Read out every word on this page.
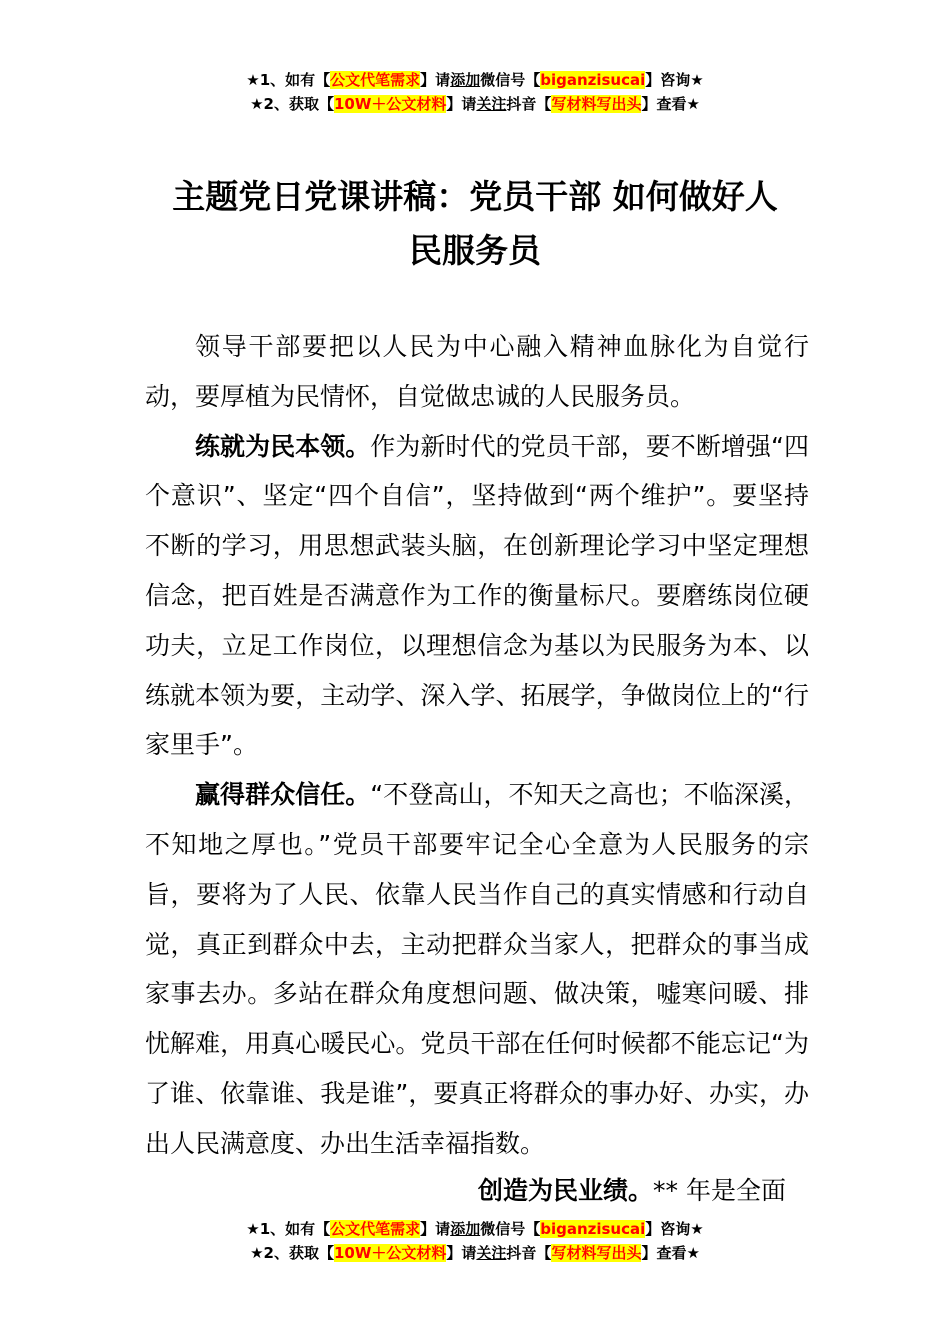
★1、如有【公文代笔需求】请添加微信号【biganzisucai】咨询★
★2、获取【10W＋公文材料】请关注抖音【写材料写出头】查看★
主题党日党课讲稿：党员干部 如何做好人
民服务员

领导干部要把以人民为中心融入精神血脉化为自觉行动，要厚植为民情怀，自觉做忠诚的人民服务员。

练就为民本领。作为新时代的党员干部，要不断增强“四个意识”、坚定“四个自信”，坚持做到“两个维护”。要坚持不断的学习，用思想武装头脑，在创新理论学习中坚定理想信念，把百姓是否满意作为工作的衡量标尺。要磨练岗位硬功夫，立足工作岗位，以理想信念为基以为民服务为本、以练就本领为要，主动学、深入学、拓展学，争做岗位上的“行家里手”。

赢得群众信任。“不登高山，不知天之高也；不临深溪，不知地之厚也。”党员干部要牢记全心全意为人民服务的宗旨，要将为了人民、依靠人民当作自己的真实情感和行动自觉，真正到群众中去，主动把群众当家人，把群众的事当成家事去办。多站在群众角度想问题、做决策，嘘寒问暖、排忧解难，用真心暖民心。党员干部在任何时候都不能忘记“为了谁、依靠谁、我是谁”，要真正将群众的事办好、办实，办出人民满意度、办出生活幸福指数。

创造为民业绩。** 年是全面
★1、如有【公文代笔需求】请添加微信号【biganzisucai】咨询★
★2、获取【10W＋公文材料】请关注抖音【写材料写出头】查看★
